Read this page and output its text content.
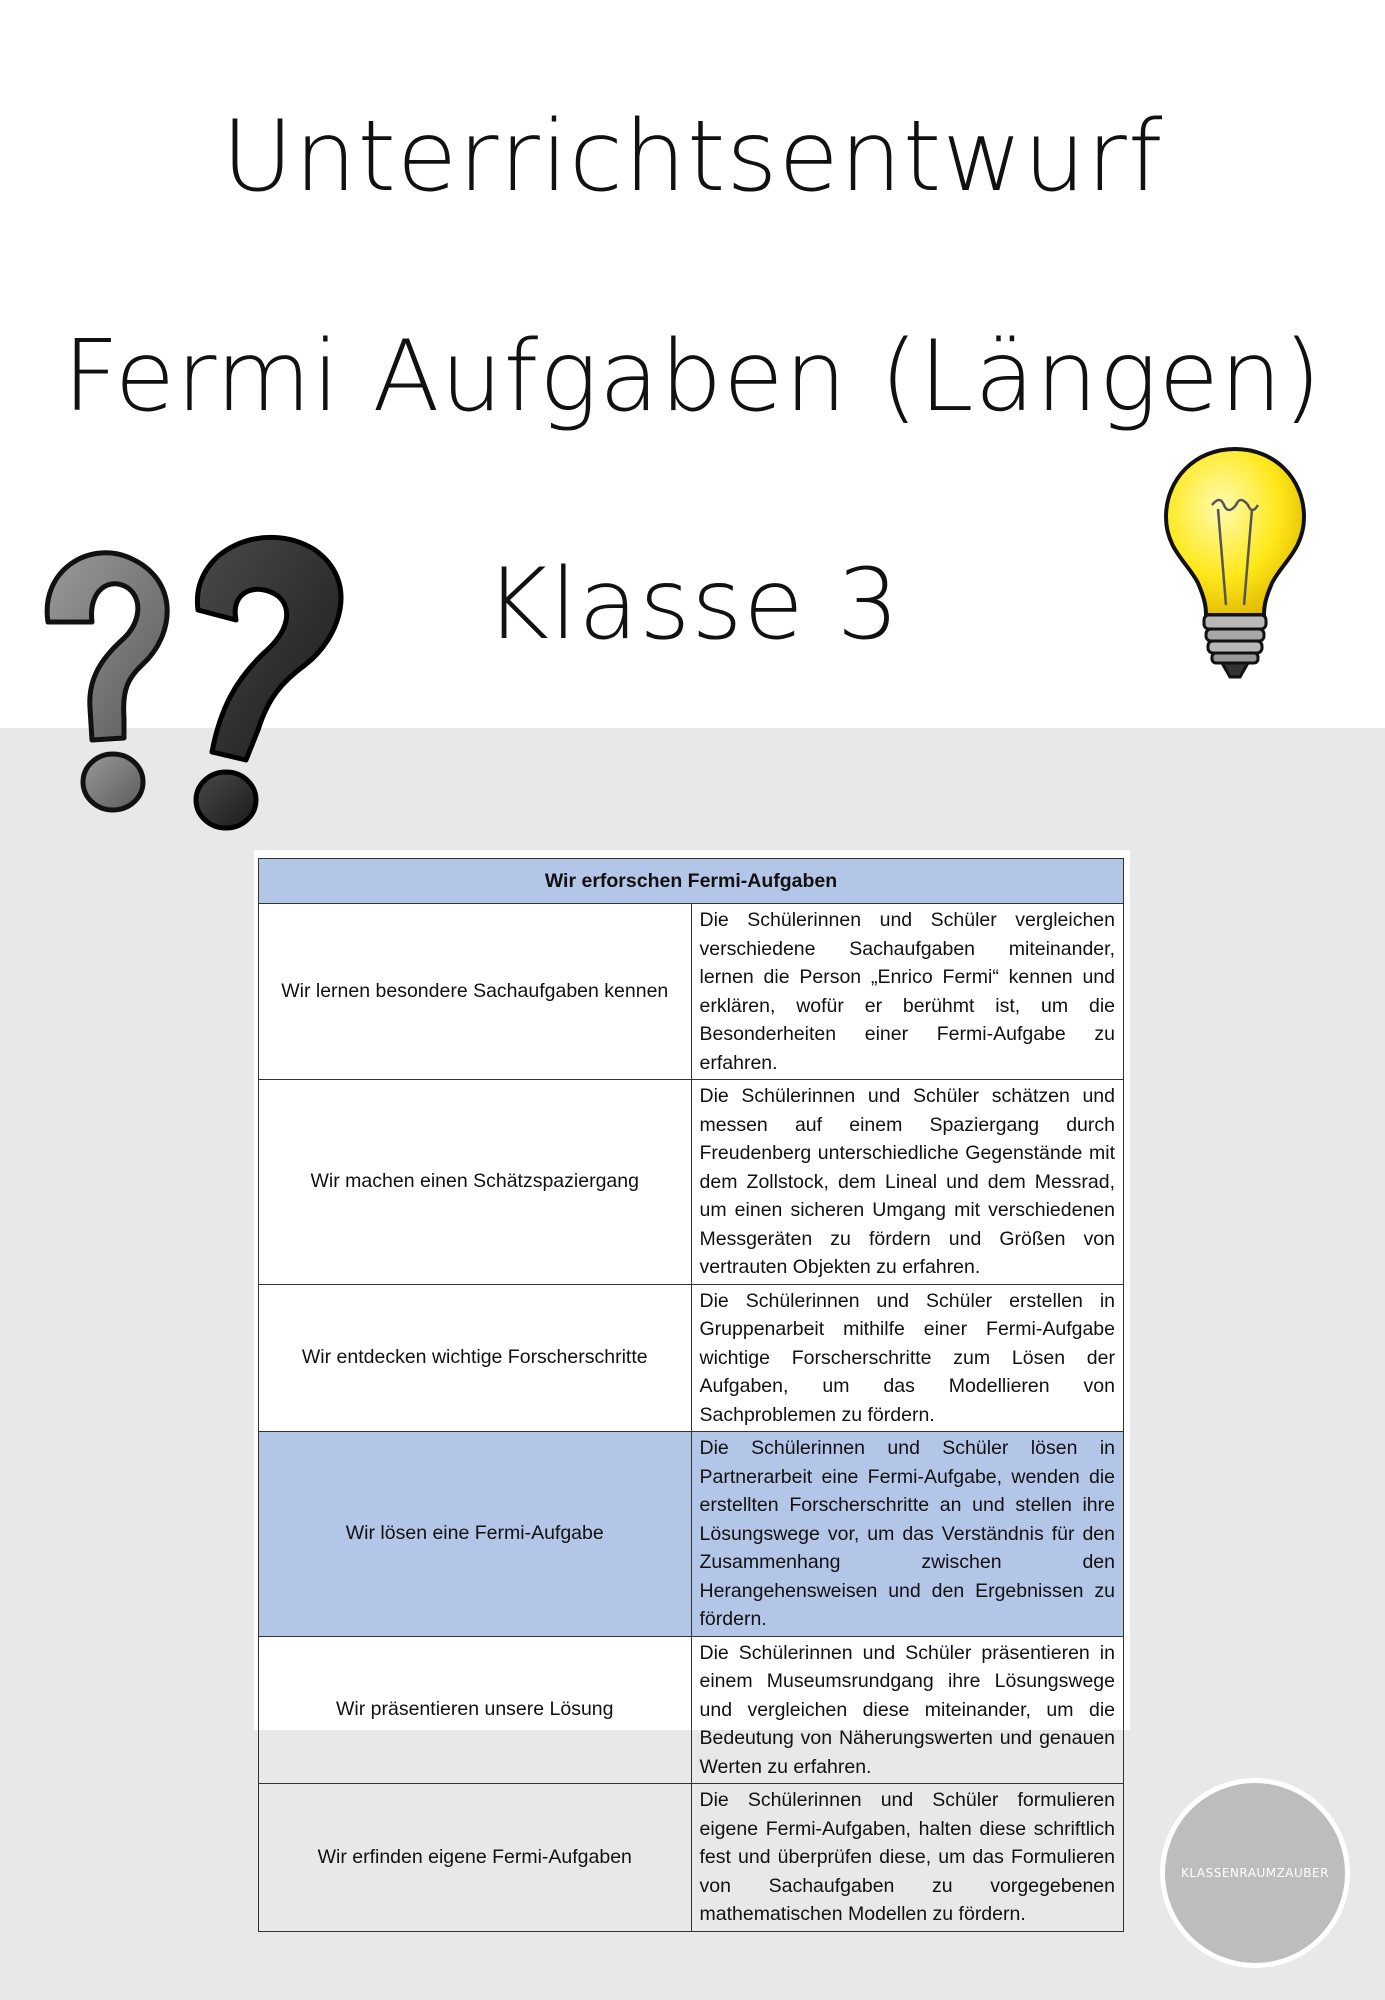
Unterrichtsentwurf
Fermi Aufgaben (Längen)
Klasse 3
Wir erforschen Fermi-Aufgaben	
Wir lernen besondere Sachaufgaben kennen	Die Schülerinnen und Schüler vergleichen verschiedene Sachaufgaben miteinander, lernen die Person „Enrico Fermi“ kennen und erklären, wofür er berühmt ist, um die Besonderheiten einer Fermi-Aufgabe zu erfahren.
Wir machen einen Schätzspaziergang	Die Schülerinnen und Schüler schätzen und messen auf einem Spaziergang durch Freudenberg unterschiedliche Gegenstände mit dem Zollstock, dem Lineal und dem Messrad, um einen sicheren Umgang mit verschiedenen Messgeräten zu fördern und Größen von vertrauten Objekten zu erfahren.
Wir entdecken wichtige Forscherschritte	Die Schülerinnen und Schüler erstellen in Gruppenarbeit mithilfe einer Fermi-Aufgabe wichtige Forscherschritte zum Lösen der Aufgaben, um das Modellieren von Sachproblemen zu fördern.
Wir lösen eine Fermi-Aufgabe	Die Schülerinnen und Schüler lösen in Partnerarbeit eine Fermi-Aufgabe, wenden die erstellten Forscherschritte an und stellen ihre Lösungswege vor, um das Verständnis für den Zusammenhang zwischen den Herangehensweisen und den Ergebnissen zu fördern.
Wir präsentieren unsere Lösung	Die Schülerinnen und Schüler präsentieren in einem Museumsrundgang ihre Lösungswege und vergleichen diese miteinander, um die Bedeutung von Näherungswerten und genauen Werten zu erfahren.
Wir erfinden eigene Fermi-Aufgaben	Die Schülerinnen und Schüler formulieren eigene Fermi-Aufgaben, halten diese schriftlich fest und überprüfen diese, um das Formulieren von Sachaufgaben zu vorgegebenen mathematischen Modellen zu fördern.
KLASSENRAUMZAUBER
